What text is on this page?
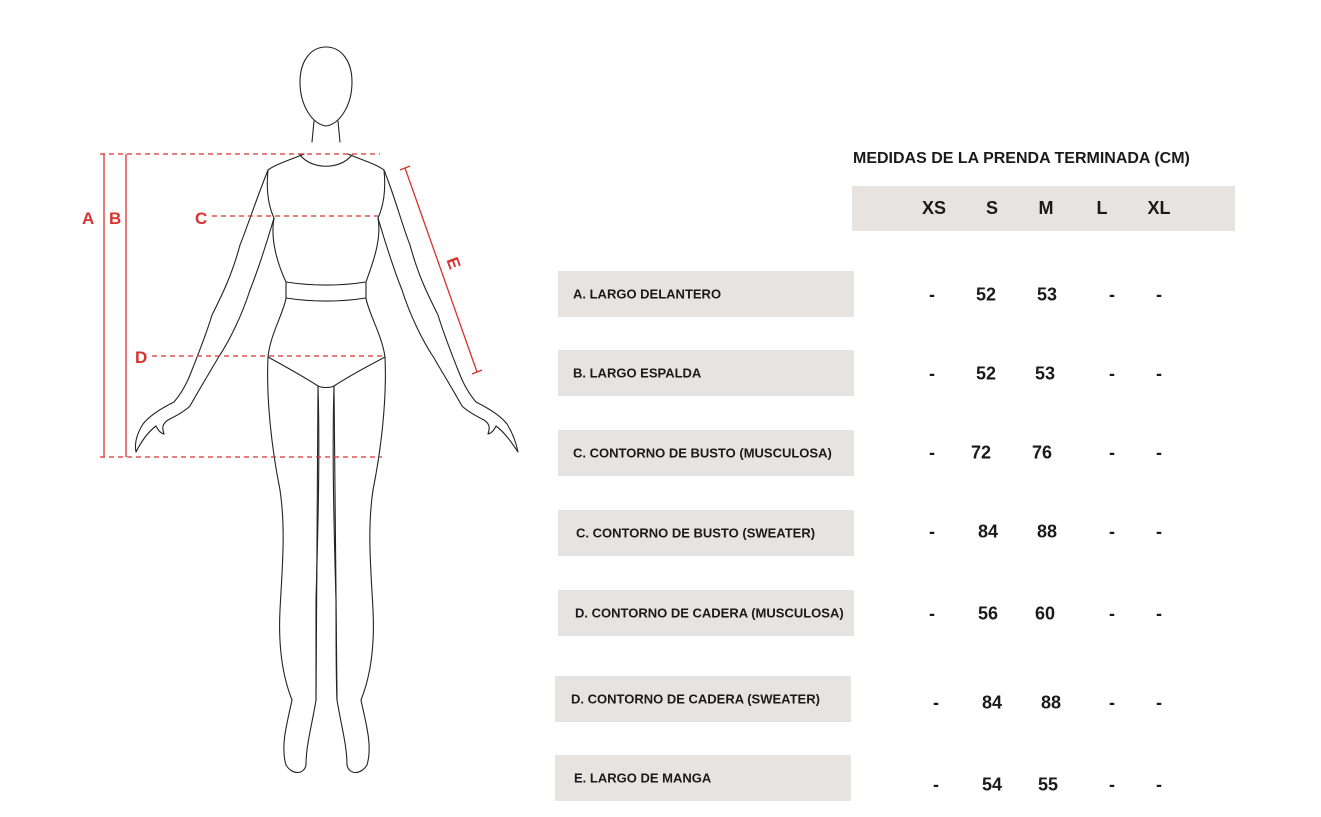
A B	C
D
E
MEDIDAS DE LA PRENDA TERMINADA (CM)
XS S M L XL
A. LARGO DELANTERO	- 52 53	- -
B. LARGO ESPALDA	- 52 53	- -
C. CONTORNO DE BUSTO (MUSCULOSA)	- 72 76	- -
C. CONTORNO DE BUSTO (SWEATER)	- 84 88	- -
D. CONTORNO DE CADERA (MUSCULOSA)	- 56 60	- -
D. CONTORNO DE CADERA (SWEATER)	- 84 88	- -
E. LARGO DE MANGA	- 54 55	- -
